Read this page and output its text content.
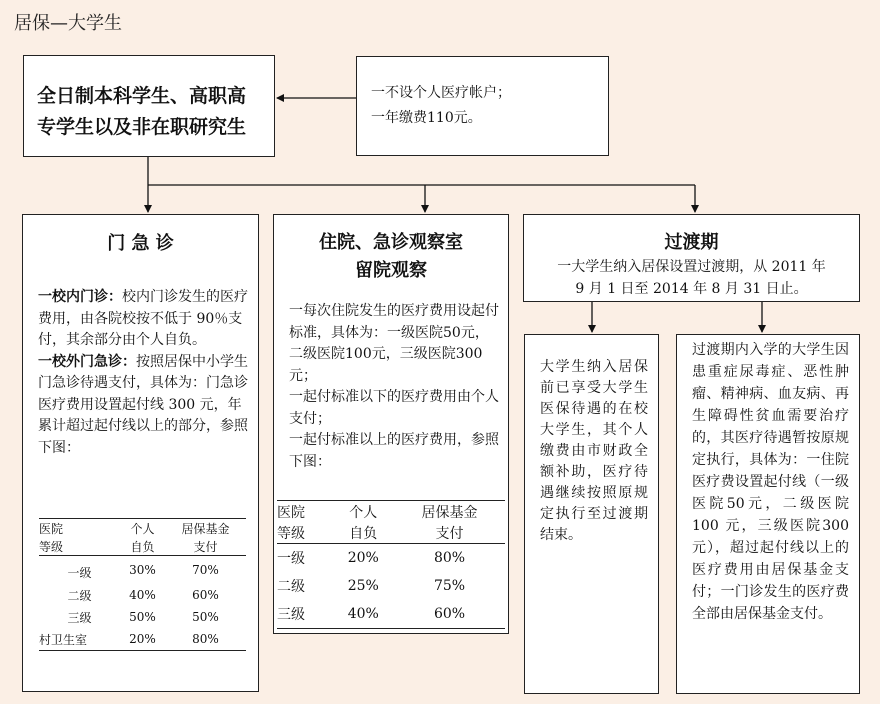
居保—大学生
全日制本科学生、高职高
专学生以及非在职研究生
一不设个人医疗帐户；
一年缴费110元。
门 急 诊

一校内门诊：校内门诊发生的医疗费用，由各院校按不低于 90％支付，其余部分由个人自负。

一校外门急诊：按照居保中小学生门急诊待遇支付，具体为：门急诊医疗费用设置起付线 300 元，年累计超过起付线以上的部分，参照下图：

医院	个人	居保基金
等级	自负	支付
一级	30%	70%
二级	40%	60%
三级	50%	50%
村卫生室	20%	80%
住院、急诊观察室
留院观察

一每次住院发生的医疗费用设起付标准，具体为：一级医院50元，二级医院100元，三级医院300元；

一起付标准以下的医疗费用由个人支付；

一起付标准以上的医疗费用，参照下图：

医院	个人	居保基金
等级	自负	支付
一级	20%	80%
二级	25%	75%
三级	40%	60%
过渡期
一大学生纳入居保设置过渡期，从 2011 年
9 月 1 日至 2014 年 8 月 31 日止。
大学生纳入居保前已享受大学生医保待遇的在校大学生，其个人缴费由市财政全额补助，医疗待遇继续按照原规定执行至过渡期结束。
过渡期内入学的大学生因患重症尿毒症、恶性肿瘤、精神病、血友病、再生障碍性贫血需要治疗的，其医疗待遇暂按原规定执行，具体为：一住院医疗费设置起付线（一级医院50元，二级医院 100 元，三级医院300元），超过起付线以上的医疗费用由居保基金支付；一门诊发生的医疗费全部由居保基金支付。
